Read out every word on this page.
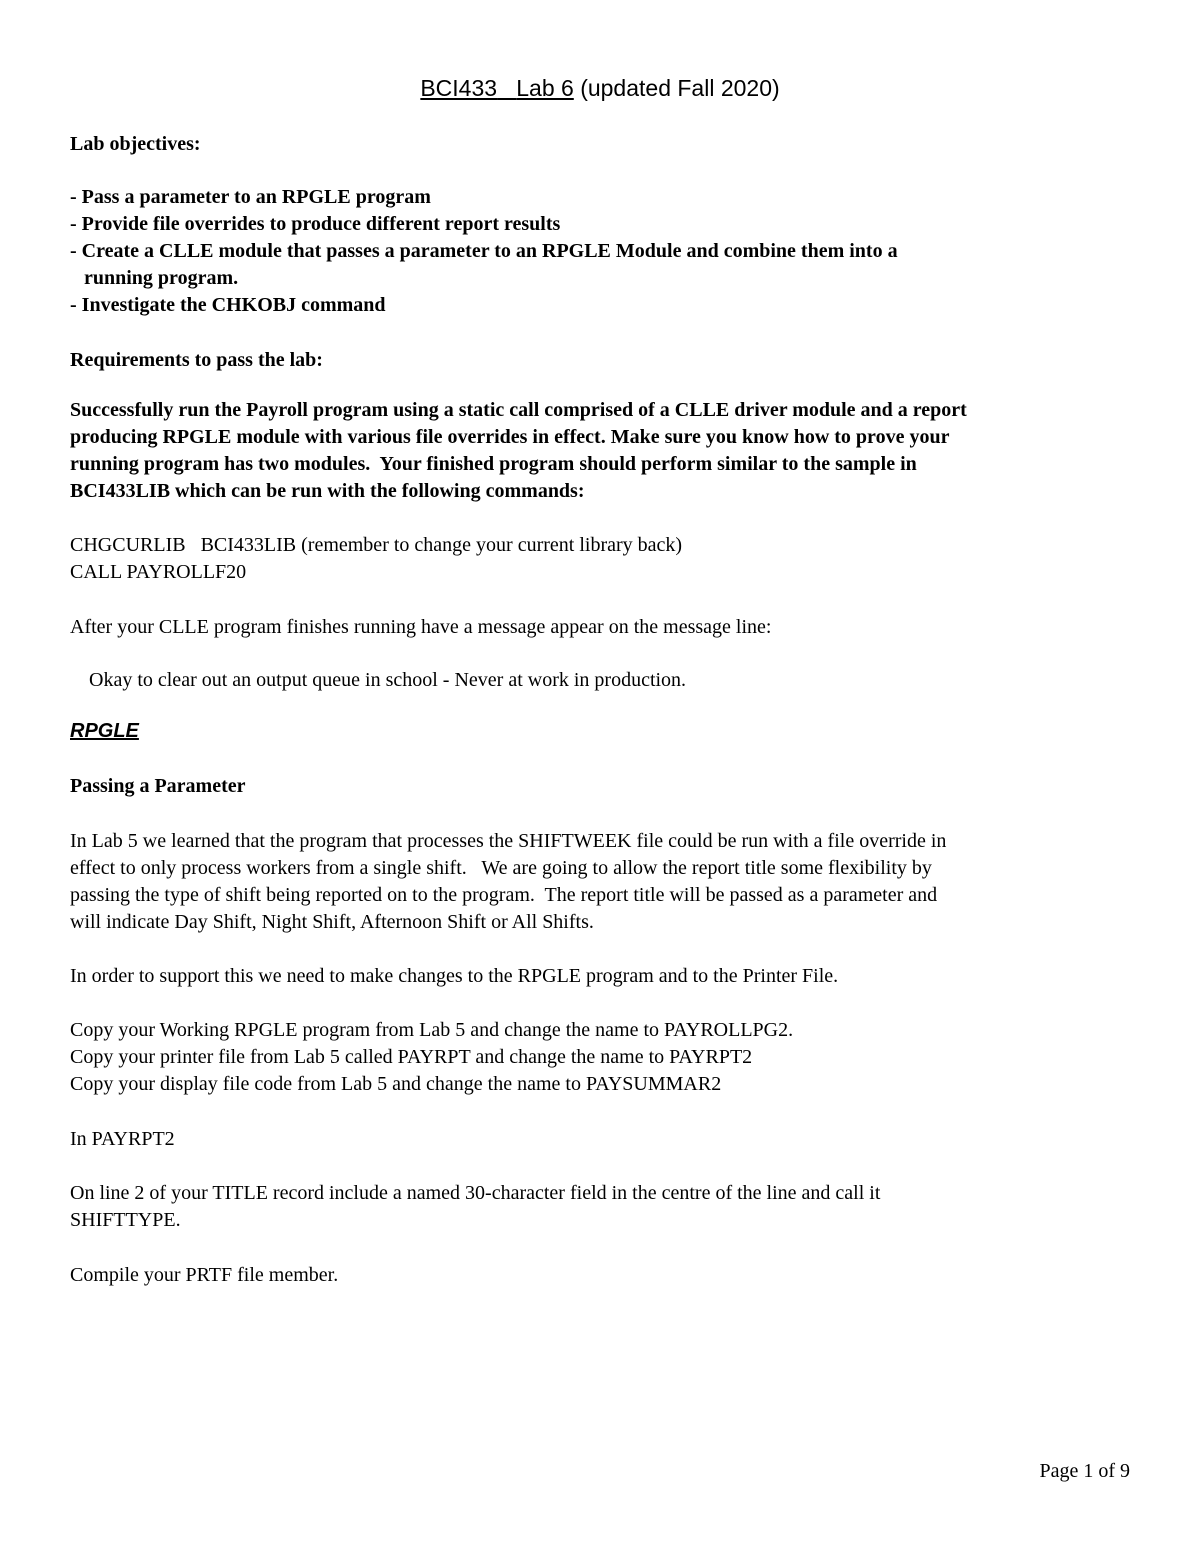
BCI433 Lab 6 (updated Fall 2020)
Lab objectives:
- Pass a parameter to an RPGLE program
- Provide file overrides to produce different report results
- Create a CLLE module that passes a parameter to an RPGLE Module and combine them into a
running program.
- Investigate the CHKOBJ command
Requirements to pass the lab:
Successfully run the Payroll program using a static call comprised of a CLLE driver module and a report
producing RPGLE module with various file overrides in effect. Make sure you know how to prove your
running program has two modules.  Your finished program should perform similar to the sample in
BCI433LIB which can be run with the following commands:
CHGCURLIB   BCI433LIB (remember to change your current library back)
CALL PAYROLLF20
After your CLLE program finishes running have a message appear on the message line:
Okay to clear out an output queue in school - Never at work in production.
RPGLE
Passing a Parameter
In Lab 5 we learned that the program that processes the SHIFTWEEK file could be run with a file override in
effect to only process workers from a single shift.   We are going to allow the report title some flexibility by
passing the type of shift being reported on to the program.  The report title will be passed as a parameter and
will indicate Day Shift, Night Shift, Afternoon Shift or All Shifts.
In order to support this we need to make changes to the RPGLE program and to the Printer File.
Copy your Working RPGLE program from Lab 5 and change the name to PAYROLLPG2.
Copy your printer file from Lab 5 called PAYRPT and change the name to PAYRPT2
Copy your display file code from Lab 5 and change the name to PAYSUMMAR2
In PAYRPT2
On line 2 of your TITLE record include a named 30-character field in the centre of the line and call it
SHIFTTYPE.
Compile your PRTF file member.
Page 1 of 9
